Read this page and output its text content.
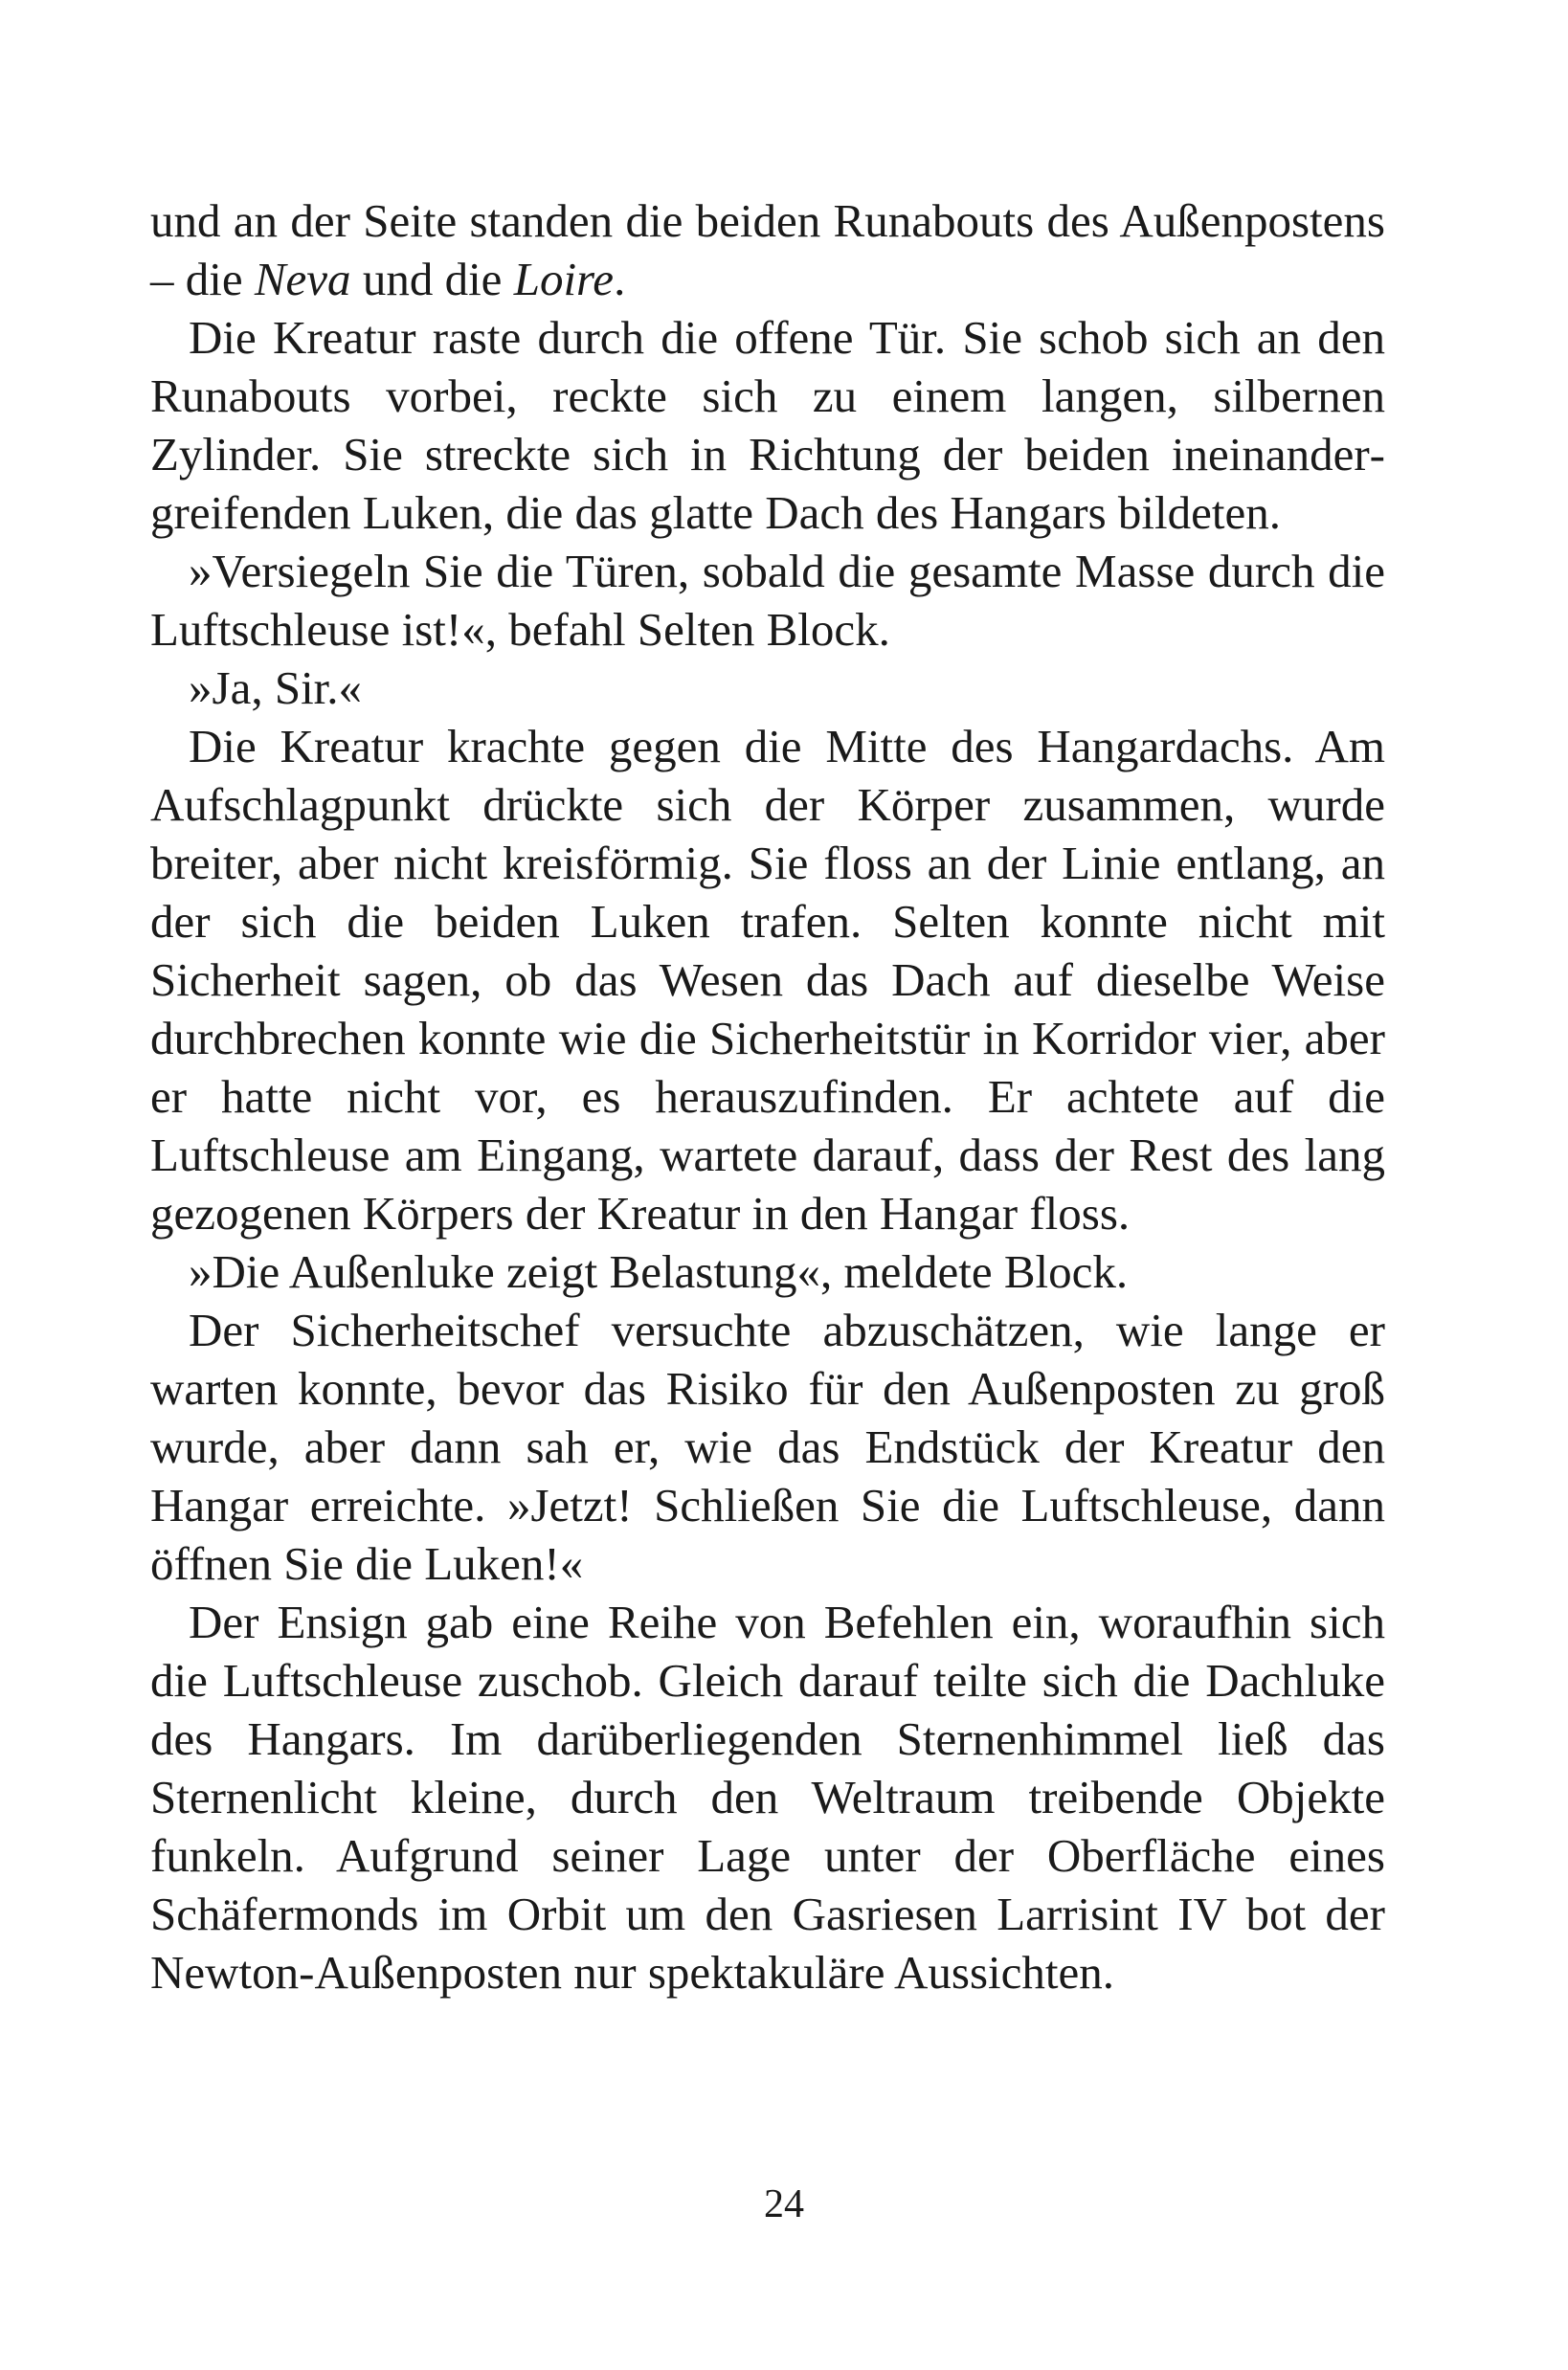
und an der Seite standen die beiden Runabouts des Außenpostens – die Neva und die Loire.

Die Kreatur raste durch die offene Tür. Sie schob sich an den Runabouts vorbei, reckte sich zu einem langen, silbernen Zylinder. Sie streckte sich in Richtung der beiden ineinandergreifenden Luken, die das glatte Dach des Hangars bildeten.

»Versiegeln Sie die Türen, sobald die gesamte Masse durch die Luftschleuse ist!«, befahl Selten Block.

»Ja, Sir.«

Die Kreatur krachte gegen die Mitte des Hangardachs. Am Aufschlagpunkt drückte sich der Körper zusammen, wurde breiter, aber nicht kreisförmig. Sie floss an der Linie entlang, an der sich die beiden Luken trafen. Selten konnte nicht mit Sicherheit sagen, ob das Wesen das Dach auf dieselbe Weise durchbrechen konnte wie die Sicherheitstür in Korridor vier, aber er hatte nicht vor, es herauszufinden. Er achtete auf die Luftschleuse am Eingang, wartete darauf, dass der Rest des lang gezogenen Körpers der Kreatur in den Hangar floss.

»Die Außenluke zeigt Belastung«, meldete Block.

Der Sicherheitschef versuchte abzuschätzen, wie lange er warten konnte, bevor das Risiko für den Außenposten zu groß wurde, aber dann sah er, wie das Endstück der Kreatur den Hangar erreichte. »Jetzt! Schließen Sie die Luftschleuse, dann öffnen Sie die Luken!«

Der Ensign gab eine Reihe von Befehlen ein, woraufhin sich die Luftschleuse zuschob. Gleich darauf teilte sich die Dachluke des Hangars. Im darüberliegenden Sternenhimmel ließ das Sternenlicht kleine, durch den Weltraum treibende Objekte funkeln. Aufgrund seiner Lage unter der Oberfläche eines Schäfermonds im Orbit um den Gasriesen Larrisint IV bot der Newton-Außenposten nur spektakuläre Aussichten.

24
